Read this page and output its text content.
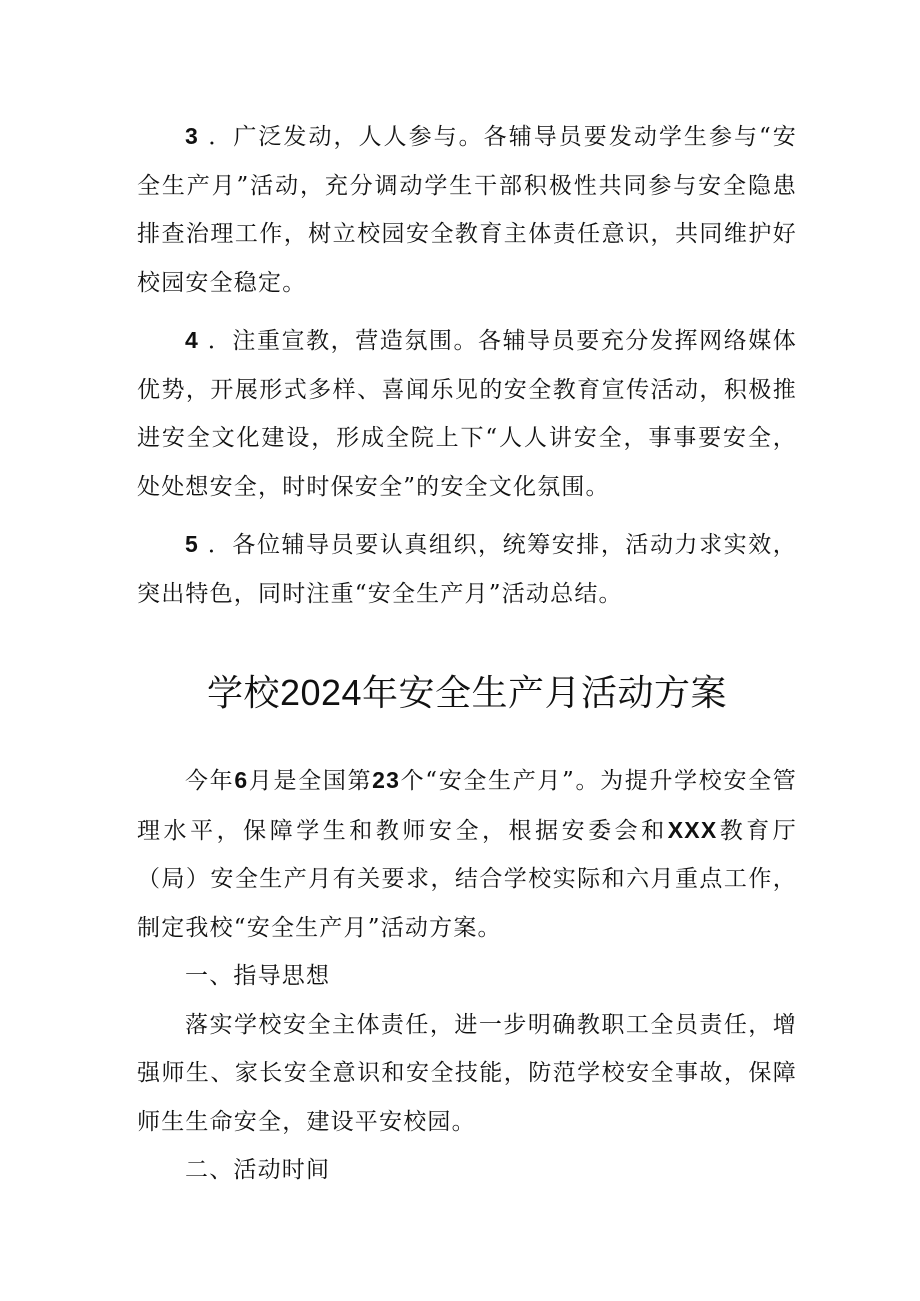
3 ．广泛发动，人人参与。各辅导员要发动学生参与“安全生产月”活动，充分调动学生干部积极性共同参与安全隐患排查治理工作，树立校园安全教育主体责任意识，共同维护好校园安全稳定。

4 ．注重宣教，营造氛围。各辅导员要充分发挥网络媒体优势，开展形式多样、喜闻乐见的安全教育宣传活动，积极推进安全文化建设，形成全院上下“人人讲安全，事事要安全，处处想安全，时时保安全”的安全文化氛围。

5 ．各位辅导员要认真组织，统筹安排，活动力求实效，突出特色，同时注重“安全生产月”活动总结。

学校2024年安全生产月活动方案

今年6月是全国第23个“安全生产月”。为提升学校安全管理水平，保障学生和教师安全，根据安委会和XXX教育厅（局）安全生产月有关要求，结合学校实际和六月重点工作，制定我校“安全生产月”活动方案。

一、指导思想

落实学校安全主体责任，进一步明确教职工全员责任，增强师生、家长安全意识和安全技能，防范学校安全事故，保障师生生命安全，建设平安校园。

二、活动时间
